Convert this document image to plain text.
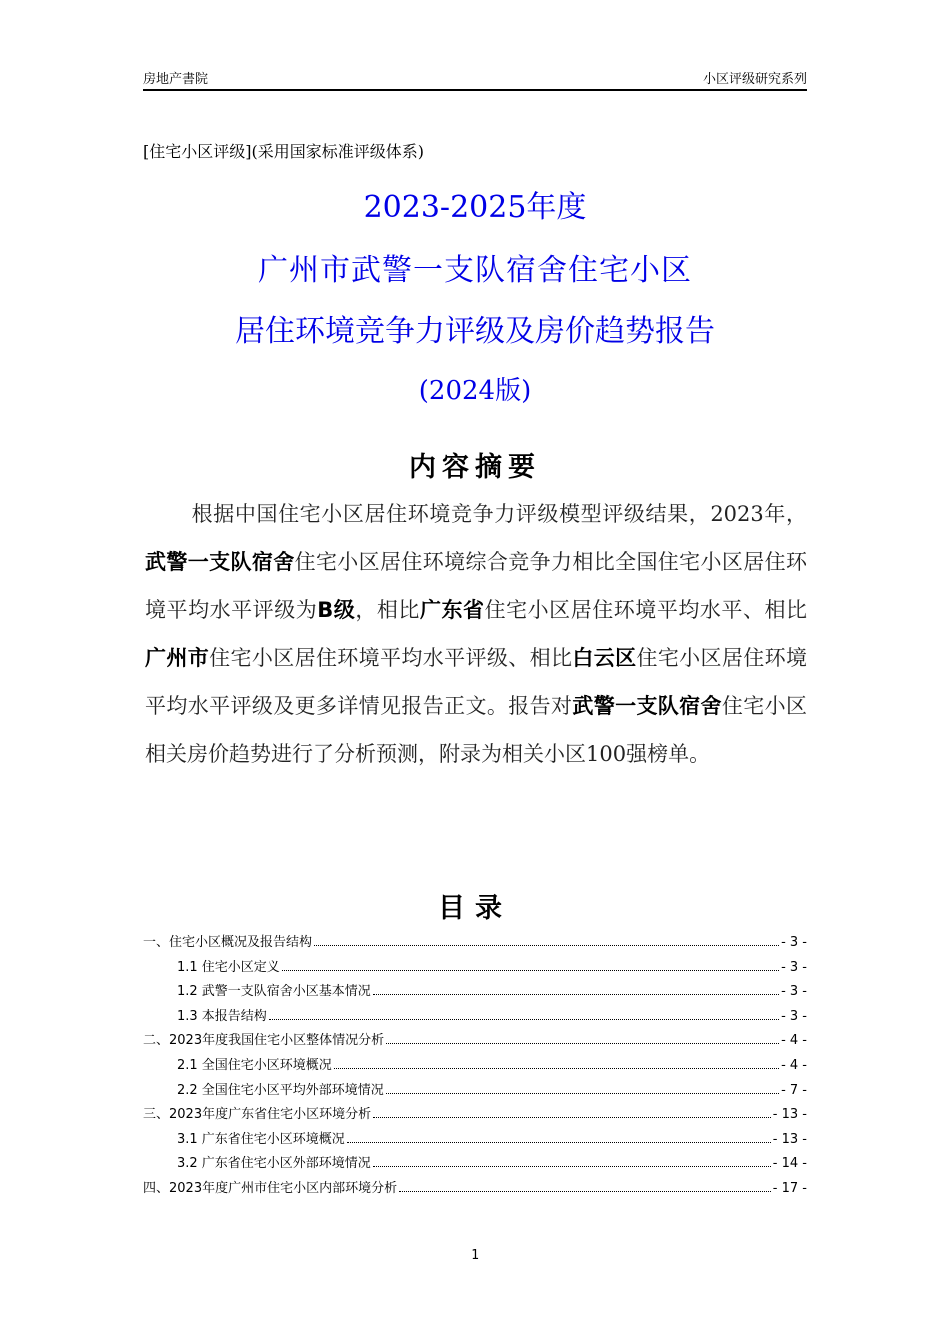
房地产書院	小区评级研究系列
[住宅小区评级](采用国家标准评级体系)
2023-2025年度
广州市武警一支队宿舍住宅小区
居住环境竞争力评级及房价趋势报告
(2024版)
内容摘要
根据中国住宅小区居住环境竞争力评级模型评级结果，2023年，武警一支队宿舍住宅小区居住环境综合竞争力相比全国住宅小区居住环境平均水平评级为B级，相比广东省住宅小区居住环境平均水平、相比广州市住宅小区居住环境平均水平评级、相比白云区住宅小区居住环境平均水平评级及更多详情见报告正文。报告对武警一支队宿舍住宅小区相关房价趋势进行了分析预测，附录为相关小区100强榜单。
目录
一、住宅小区概况及报告结构	- 3 -
1.1 住宅小区定义	- 3 -
1.2 武警一支队宿舍小区基本情况	- 3 -
1.3 本报告结构	- 3 -
二、2023年度我国住宅小区整体情况分析	- 4 -
2.1 全国住宅小区环境概况	- 4 -
2.2 全国住宅小区平均外部环境情况	- 7 -
三、2023年度广东省住宅小区环境分析	- 13 -
3.1 广东省住宅小区环境概况	- 13 -
3.2 广东省住宅小区外部环境情况	- 14 -
四、2023年度广州市住宅小区内部环境分析	- 17 -
1
